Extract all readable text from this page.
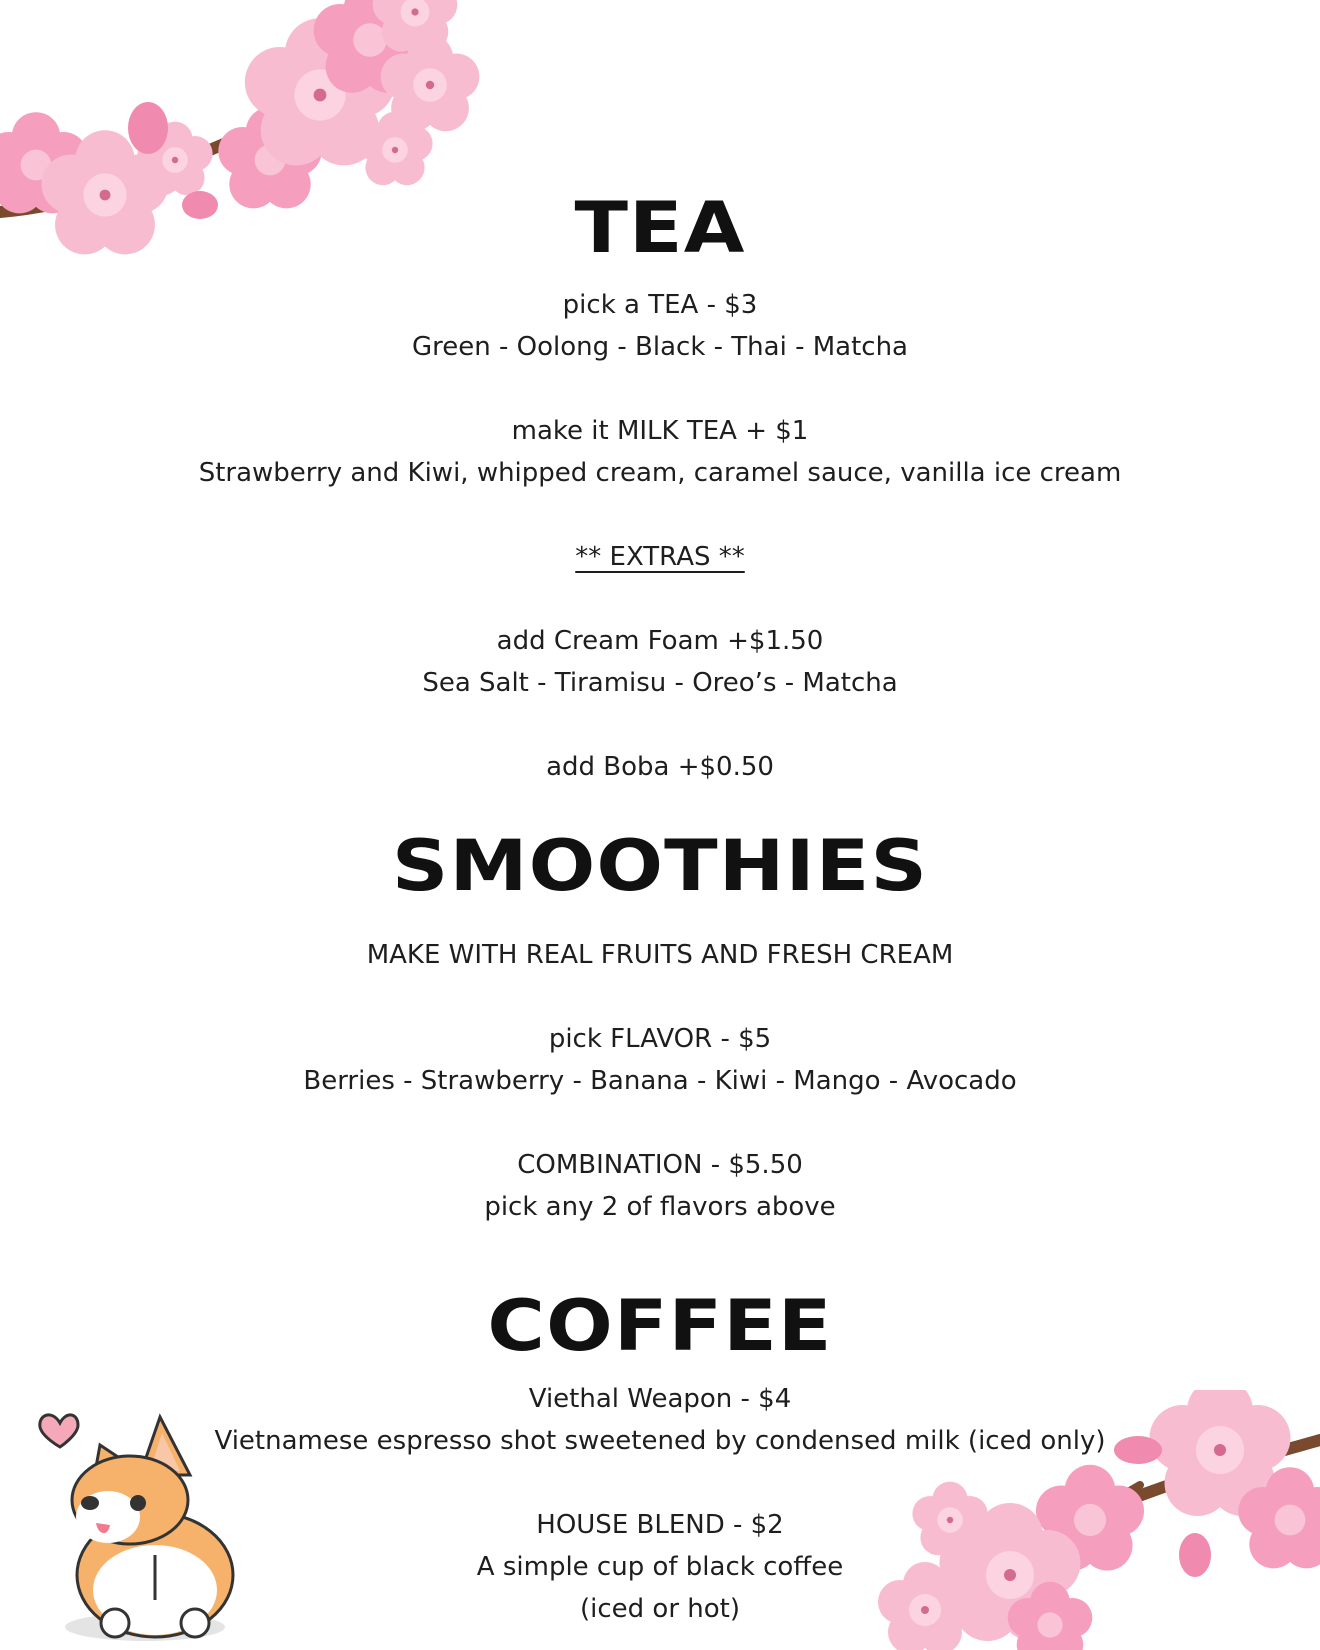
TEA
pick a TEA - $3
Green - Oolong - Black - Thai - Matcha
make it MILK TEA + $1
Strawberry and Kiwi, whipped cream, caramel sauce, vanilla ice cream
** EXTRAS **
add Cream Foam +$1.50
Sea Salt - Tiramisu - Oreo’s - Matcha
add Boba +$0.50
SMOOTHIES
MAKE WITH REAL FRUITS AND FRESH CREAM
pick FLAVOR - $5
Berries - Strawberry - Banana - Kiwi - Mango - Avocado
COMBINATION - $5.50
pick any 2 of flavors above
COFFEE
Viethal Weapon - $4
Vietnamese espresso shot sweetened by condensed milk (iced only)
HOUSE BLEND - $2
A simple cup of black coffee
(iced or hot)
